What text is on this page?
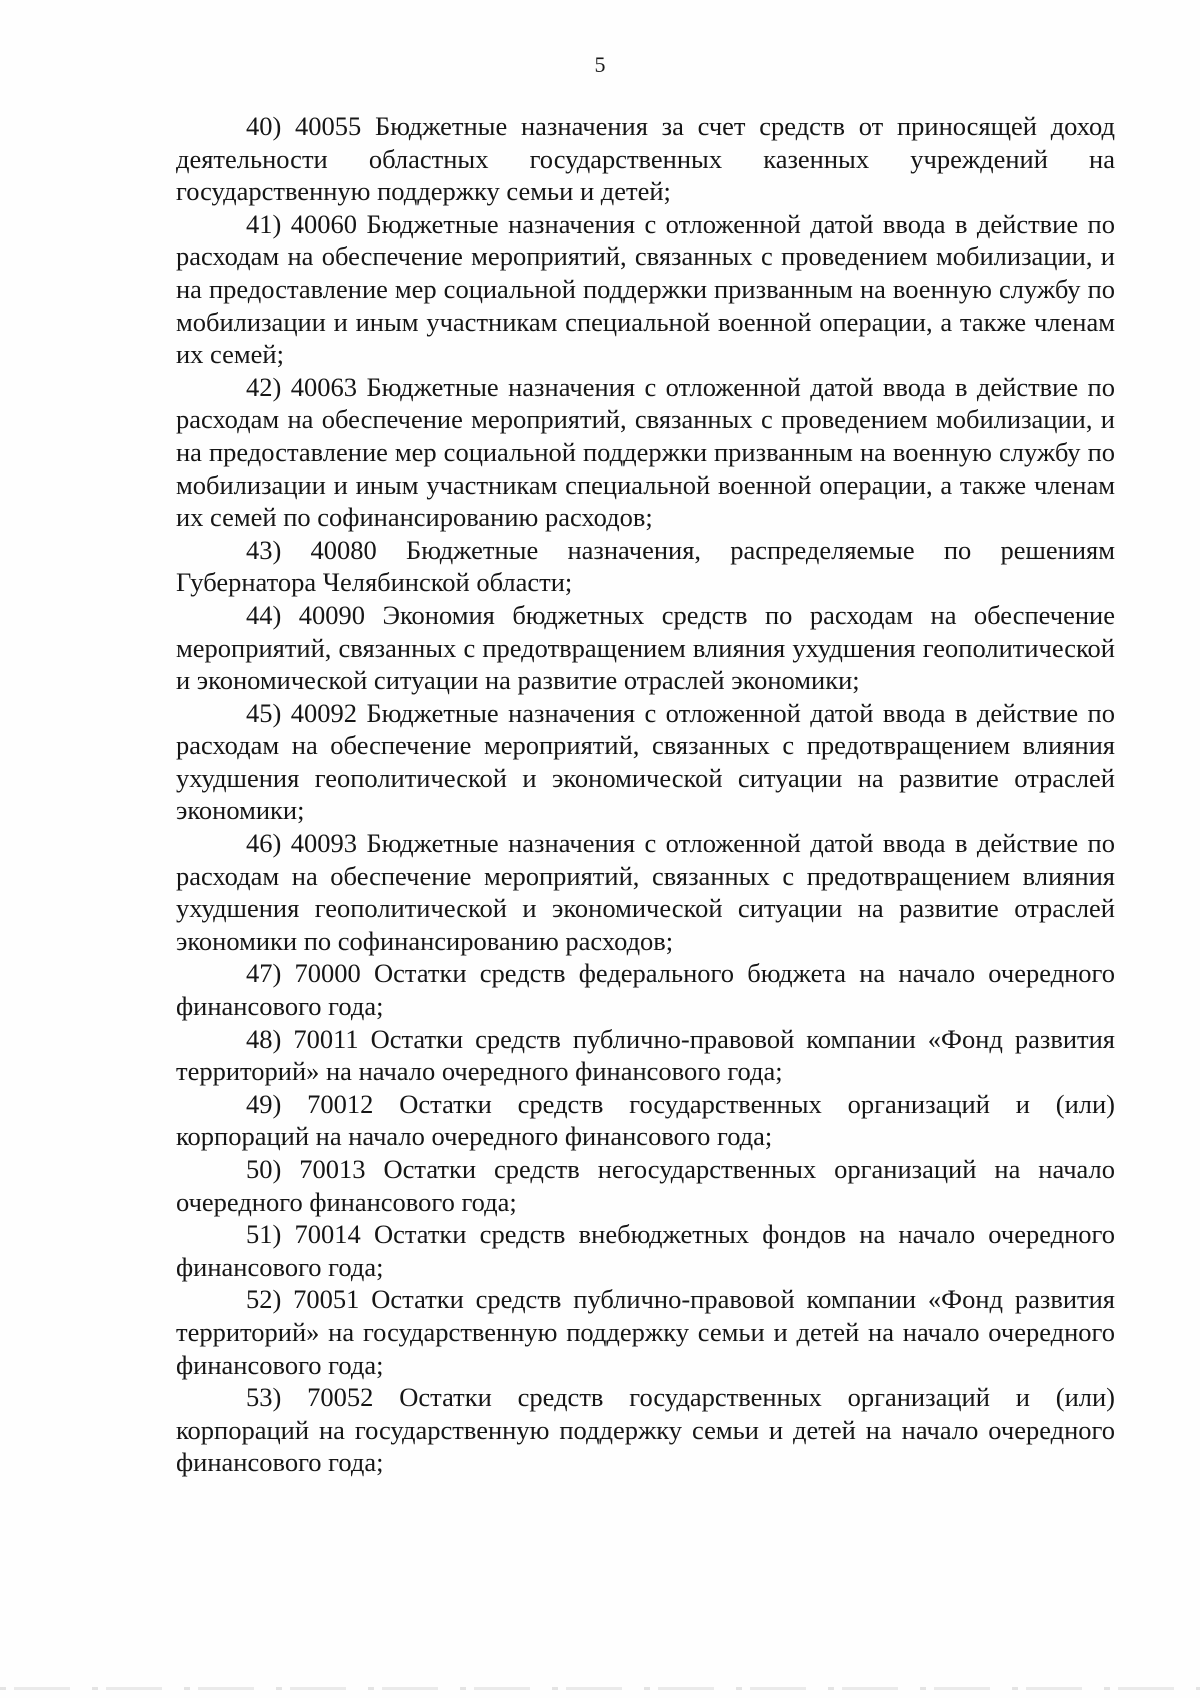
5

40) 40055 Бюджетные назначения за счет средств от приносящей доход деятельности областных государственных казенных учреждений на государственную поддержку семьи и детей;

41) 40060 Бюджетные назначения с отложенной датой ввода в действие по расходам на обеспечение мероприятий, связанных с проведением мобилизации, и на предоставление мер социальной поддержки призванным на военную службу по мобилизации и иным участникам специальной военной операции, а также членам их семей;

42) 40063 Бюджетные назначения с отложенной датой ввода в действие по расходам на обеспечение мероприятий, связанных с проведением мобилизации, и на предоставление мер социальной поддержки призванным на военную службу по мобилизации и иным участникам специальной военной операции, а также членам их семей по софинансированию расходов;

43) 40080 Бюджетные назначения, распределяемые по решениям Губернатора Челябинской области;

44) 40090 Экономия бюджетных средств по расходам на обеспечение мероприятий, связанных с предотвращением влияния ухудшения геополитической и экономической ситуации на развитие отраслей экономики;

45) 40092 Бюджетные назначения с отложенной датой ввода в действие по расходам на обеспечение мероприятий, связанных с предотвращением влияния ухудшения геополитической и экономической ситуации на развитие отраслей экономики;

46) 40093 Бюджетные назначения с отложенной датой ввода в действие по расходам на обеспечение мероприятий, связанных с предотвращением влияния ухудшения геополитической и экономической ситуации на развитие отраслей экономики по софинансированию расходов;

47) 70000 Остатки средств федерального бюджета на начало очередного финансового года;

48) 70011 Остатки средств публично-правовой компании «Фонд развития территорий» на начало очередного финансового года;

49) 70012 Остатки средств государственных организаций и (или) корпораций на начало очередного финансового года;

50) 70013 Остатки средств негосударственных организаций на начало очередного финансового года;

51) 70014 Остатки средств внебюджетных фондов на начало очередного финансового года;

52) 70051 Остатки средств публично-правовой компании «Фонд развития территорий» на государственную поддержку семьи и детей на начало очередного финансового года;

53) 70052 Остатки средств государственных организаций и (или) корпораций на государственную поддержку семьи и детей на начало очередного финансового года;
